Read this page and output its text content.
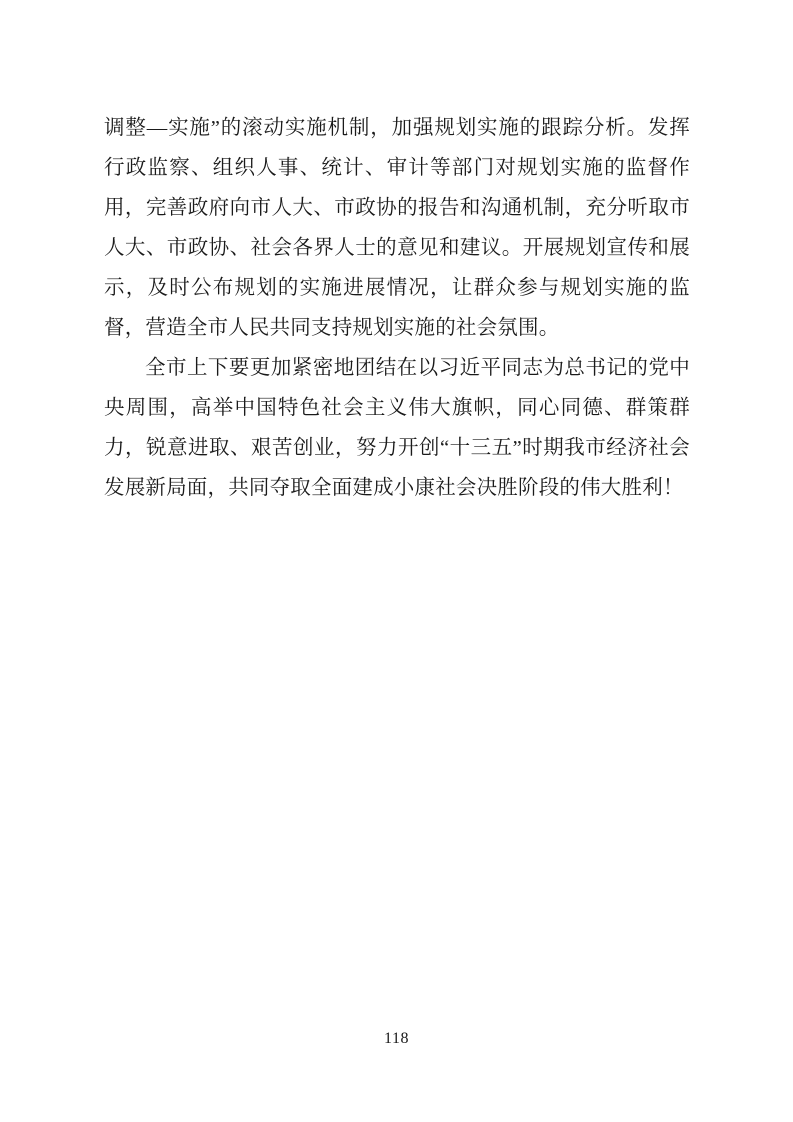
调整—实施”的滚动实施机制，加强规划实施的跟踪分析。发挥行政监察、组织人事、统计、审计等部门对规划实施的监督作用，完善政府向市人大、市政协的报告和沟通机制，充分听取市人大、市政协、社会各界人士的意见和建议。开展规划宣传和展示，及时公布规划的实施进展情况，让群众参与规划实施的监督，营造全市人民共同支持规划实施的社会氛围。

全市上下要更加紧密地团结在以习近平同志为总书记的党中央周围，高举中国特色社会主义伟大旗帜，同心同德、群策群力，锐意进取、艰苦创业，努力开创“十三五”时期我市经济社会发展新局面，共同夺取全面建成小康社会决胜阶段的伟大胜利！

118
